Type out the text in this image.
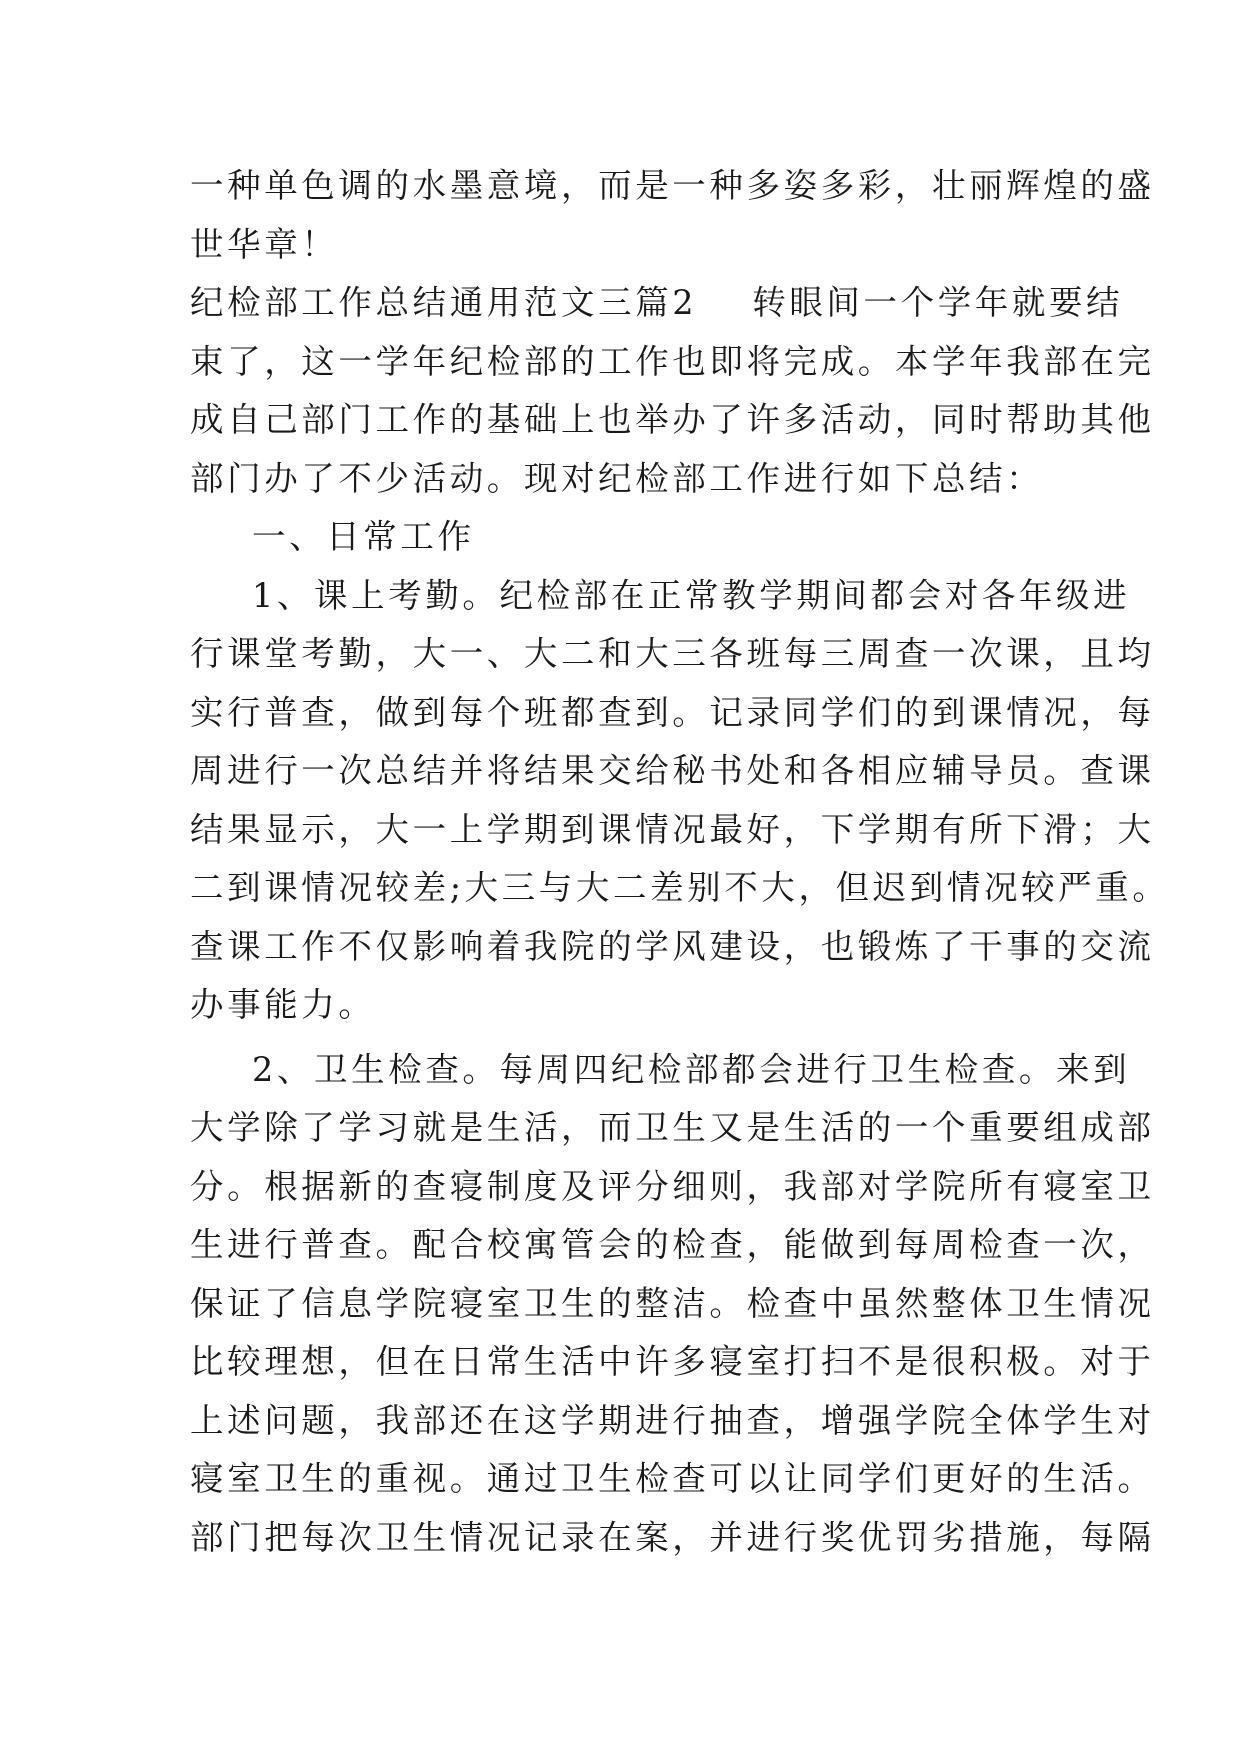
一种单色调的水墨意境，而是一种多姿多彩，壮丽辉煌的盛
世华章！
纪检部工作总结通用范文三篇2 转眼间一个学年就要结
束了，这一学年纪检部的工作也即将完成。本学年我部在完
成自己部门工作的基础上也举办了许多活动，同时帮助其他
部门办了不少活动。现对纪检部工作进行如下总结：
一、日常工作
1、课上考勤。纪检部在正常教学期间都会对各年级进
行课堂考勤，大一、大二和大三各班每三周查一次课，且均
实行普查，做到每个班都查到。记录同学们的到课情况，每
周进行一次总结并将结果交给秘书处和各相应辅导员。查课
结果显示，大一上学期到课情况最好，下学期有所下滑；大
二到课情况较差;大三与大二差别不大，但迟到情况较严重。
查课工作不仅影响着我院的学风建设，也锻炼了干事的交流
办事能力。
2、卫生检查。每周四纪检部都会进行卫生检查。来到
大学除了学习就是生活，而卫生又是生活的一个重要组成部
分。根据新的查寝制度及评分细则，我部对学院所有寝室卫
生进行普查。配合校寓管会的检查，能做到每周检查一次，
保证了信息学院寝室卫生的整洁。检查中虽然整体卫生情况
比较理想，但在日常生活中许多寝室打扫不是很积极。对于
上述问题，我部还在这学期进行抽查，增强学院全体学生对
寝室卫生的重视。通过卫生检查可以让同学们更好的生活。
部门把每次卫生情况记录在案，并进行奖优罚劣措施，每隔
